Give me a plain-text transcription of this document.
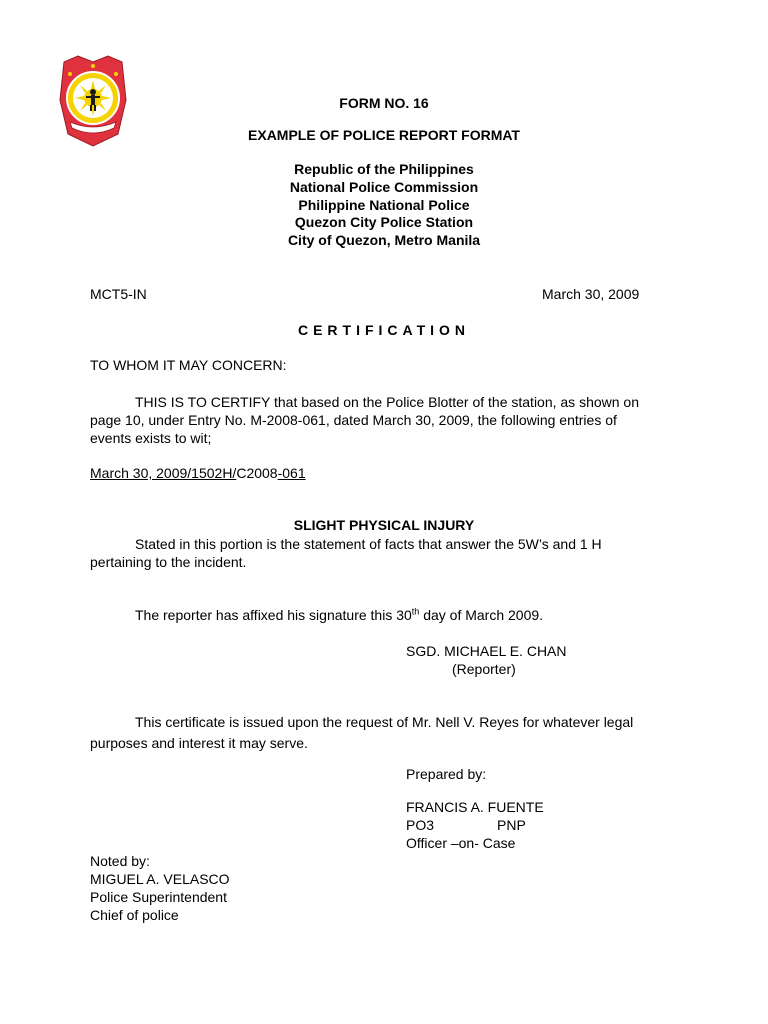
FORM NO. 16
EXAMPLE OF POLICE REPORT FORMAT
Republic of the Philippines
National Police Commission
Philippine National Police
Quezon City Police Station
City of Quezon, Metro Manila
MCT5-IN	March 30, 2009
CERTIFICATION
TO WHOM IT MAY CONCERN:
THIS IS TO CERTIFY that based on the Police Blotter of the station, as shown on
page 10, under Entry No. M-2008-061, dated March 30, 2009, the following entries of
events exists to wit;
March 30, 2009/1502H/C2008-061
SLIGHT PHYSICAL INJURY
Stated in this portion is the statement of facts that answer the 5W’s and 1 H
pertaining to the incident.
The reporter has affixed his signature this 30th day of March 2009.
SGD. MICHAEL E. CHAN
(Reporter)
This certificate is issued upon the request of Mr. Nell V. Reyes for whatever legal
purposes and interest it may serve.
Prepared by:
FRANCIS A. FUENTE
PO3	PNP
Officer –on- Case
Noted by:
MIGUEL A. VELASCO
Police Superintendent
Chief of police
